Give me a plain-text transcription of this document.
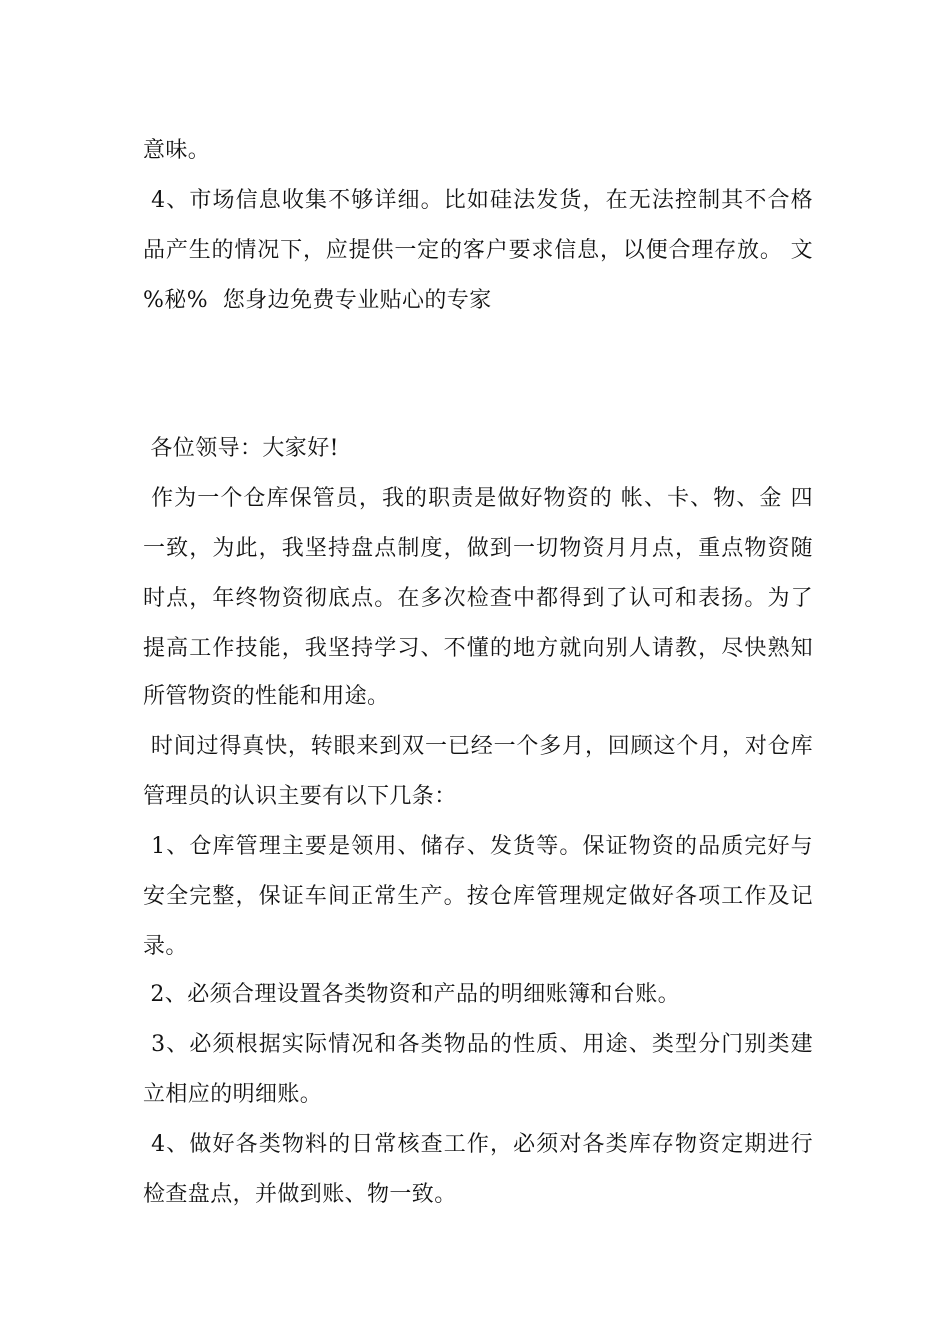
意味。
4、市场信息收集不够详细。比如硅法发货，在无法控制其不合格
品产生的情况下，应提供一定的客户要求信息，以便合理存放。 文
%秘%  您身边免费专业贴心的专家
各位领导：大家好!
作为一个仓库保管员，我的职责是做好物资的 帐、卡、物、金 四
一致，为此，我坚持盘点制度，做到一切物资月月点，重点物资随
时点，年终物资彻底点。在多次检查中都得到了认可和表扬。为了
提高工作技能，我坚持学习、不懂的地方就向别人请教，尽快熟知
所管物资的性能和用途。
时间过得真快，转眼来到双一已经一个多月，回顾这个月，对仓库
管理员的认识主要有以下几条：
1、仓库管理主要是领用、储存、发货等。保证物资的品质完好与
安全完整，保证车间正常生产。按仓库管理规定做好各项工作及记
录。
2、必须合理设置各类物资和产品的明细账簿和台账。
3、必须根据实际情况和各类物品的性质、用途、类型分门别类建
立相应的明细账。
4、做好各类物料的日常核查工作，必须对各类库存物资定期进行
检查盘点，并做到账、物一致。
